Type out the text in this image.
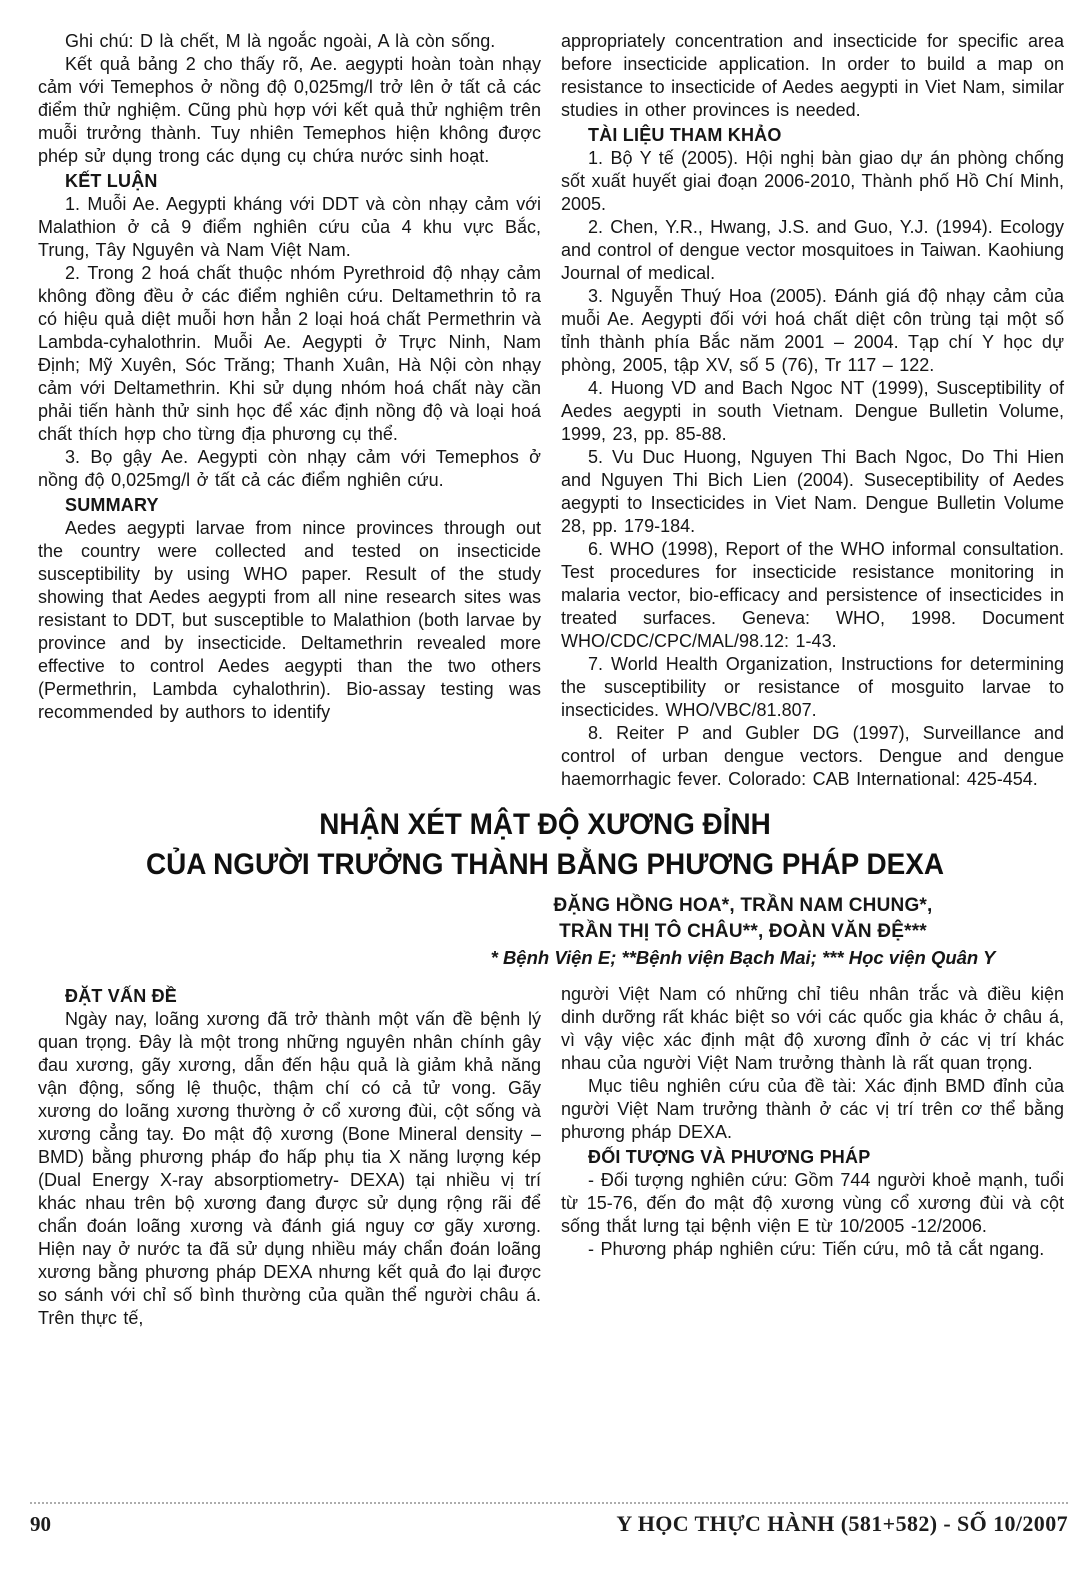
Ghi chú: D là chết, M là ngoắc ngoài, A là còn sống.

Kết quả bảng 2 cho thấy rõ, Ae. aegypti hoàn toàn nhạy cảm với Temephos ở nồng độ 0,025mg/l trở lên ở tất cả các điểm thử nghiệm. Cũng phù hợp với kết quả thử nghiệm trên muỗi trưởng thành. Tuy nhiên Temephos hiện không được phép sử dụng trong các dụng cụ chứa nước sinh hoạt.

KẾT LUẬN

1. Muỗi Ae. Aegypti kháng với DDT và còn nhạy cảm với Malathion ở cả 9 điểm nghiên cứu của 4 khu vực Bắc, Trung, Tây Nguyên và Nam Việt Nam.

2. Trong 2 hoá chất thuộc nhóm Pyrethroid độ nhạy cảm không đồng đều ở các điểm nghiên cứu. Deltamethrin tỏ ra có hiệu quả diệt muỗi hơn hẳn 2 loại hoá chất Permethrin và Lambda-cyhalothrin. Muỗi Ae. Aegypti ở Trực Ninh, Nam Định; Mỹ Xuyên, Sóc Trăng; Thanh Xuân, Hà Nội còn nhạy cảm với Deltamethrin. Khi sử dụng nhóm hoá chất này cần phải tiến hành thử sinh học để xác định nồng độ và loại hoá chất thích hợp cho từng địa phương cụ thể.

3. Bọ gậy Ae. Aegypti còn nhạy cảm với Temephos ở nồng độ 0,025mg/l ở tất cả các điểm nghiên cứu.

SUMMARY

Aedes aegypti larvae from nince provinces through out the country were collected and tested on insecticide susceptibility by using WHO paper. Result of the study showing that Aedes aegypti from all nine research sites was resistant to DDT, but susceptible to Malathion (both larvae by province and by insecticide. Deltamethrin revealed more effective to control Aedes aegypti than the two others (Permethrin, Lambda cyhalothrin). Bio-assay testing was recommended by authors to identify

appropriately concentration and insecticide for specific area before insecticide application. In order to build a map on resistance to insecticide of Aedes aegypti in Viet Nam, similar studies in other provinces is needed.

TÀI LIỆU THAM KHẢO

1. Bộ Y tế (2005). Hội nghị bàn giao dự án phòng chống sốt xuất huyết giai đoạn 2006-2010, Thành phố Hồ Chí Minh, 2005.

2. Chen, Y.R., Hwang, J.S. and Guo, Y.J. (1994). Ecology and control of dengue vector mosquitoes in Taiwan. Kaohiung Journal of medical.

3. Nguyễn Thuý Hoa (2005). Đánh giá độ nhạy cảm của muỗi Ae. Aegypti đối với hoá chất diệt côn trùng tại một số tỉnh thành phía Bắc năm 2001 – 2004. Tạp chí Y học dự phòng, 2005, tập XV, số 5 (76), Tr 117 – 122.

4. Huong VD and Bach Ngoc NT (1999), Susceptibility of Aedes aegypti in south Vietnam. Dengue Bulletin Volume, 1999, 23, pp. 85-88.

5. Vu Duc Huong, Nguyen Thi Bach Ngoc, Do Thi Hien and Nguyen Thi Bich Lien (2004). Suseceptibility of Aedes aegypti to Insecticides in Viet Nam. Dengue Bulletin Volume 28, pp. 179-184.

6. WHO (1998), Report of the WHO informal consultation. Test procedures for insecticide resistance monitoring in malaria vector, bio-efficacy and persistence of insecticides in treated surfaces. Geneva: WHO, 1998. Document WHO/CDC/CPC/MAL/98.12: 1-43.

7. World Health Organization, Instructions for determining the susceptibility or resistance of mosguito larvae to insecticides. WHO/VBC/81.807.

8. Reiter P and Gubler DG (1997), Surveillance and control of urban dengue vectors. Dengue and dengue haemorrhagic fever. Colorado: CAB International: 425-454.

NHẬN XÉT MẬT ĐỘ XƯƠNG ĐỈNH
CỦA NGƯỜI TRƯỞNG THÀNH BẰNG PHƯƠNG PHÁP DEXA
ĐẶNG HỒNG HOA*, TRẦN NAM CHUNG*,
TRẦN THỊ TÔ CHÂU**, ĐOÀN VĂN ĐỆ***
* Bệnh Viện E; **Bệnh viện Bạch Mai; *** Học viện Quân Y
ĐẶT VẤN ĐỀ

Ngày nay, loãng xương đã trở thành một vấn đề bệnh lý quan trọng. Đây là một trong những nguyên nhân chính gây đau xương, gãy xương, dẫn đến hậu quả là giảm khả năng vận động, sống lệ thuộc, thậm chí có cả tử vong. Gãy xương do loãng xương thường ở cổ xương đùi, cột sống và xương cẳng tay. Đo mật độ xương (Bone Mineral density – BMD) bằng phương pháp đo hấp phụ tia X năng lượng kép (Dual Energy X-ray absorptiometry- DEXA) tại nhiều vị trí khác nhau trên bộ xương đang được sử dụng rộng rãi để chẩn đoán loãng xương và đánh giá nguy cơ gãy xương. Hiện nay ở nước ta đã sử dụng nhiều máy chẩn đoán loãng xương bằng phương pháp DEXA nhưng kết quả đo lại được so sánh với chỉ số bình thường của quần thể người châu á. Trên thực tế,

người Việt Nam có những chỉ tiêu nhân trắc và điều kiện dinh dưỡng rất khác biệt so với các quốc gia khác ở châu á, vì vậy việc xác định mật độ xương đỉnh ở các vị trí khác nhau của người Việt Nam trưởng thành là rất quan trọng.

Mục tiêu nghiên cứu của đề tài: Xác định BMD đỉnh của người Việt Nam trưởng thành ở các vị trí trên cơ thể bằng phương pháp DEXA.

ĐỐI TƯỢNG VÀ PHƯƠNG PHÁP

- Đối tượng nghiên cứu: Gồm 744 người khoẻ mạnh, tuổi từ 15-76, đến đo mật độ xương vùng cổ xương đùi và cột sống thắt lưng tại bệnh viện E từ 10/2005 -12/2006.

- Phương pháp nghiên cứu: Tiến cứu, mô tả cắt ngang.

90	Y HỌC THỰC HÀNH (581+582) - SỐ 10/2007
